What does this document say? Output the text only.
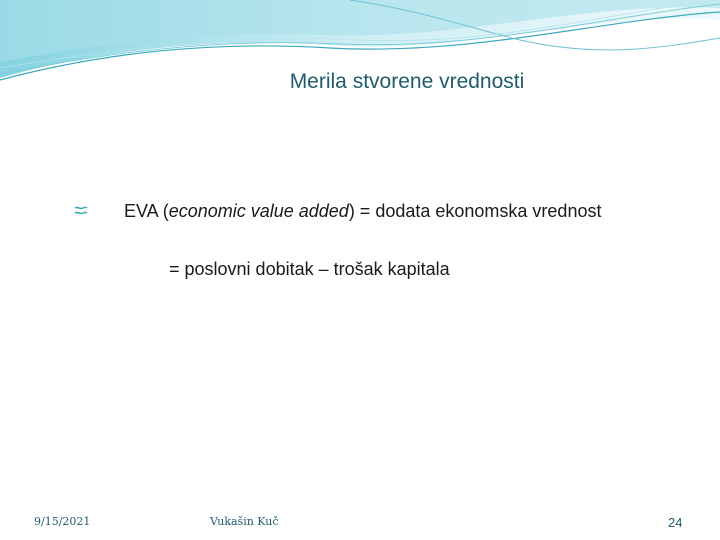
Merila stvorene vrednosti
EVA (economic value added) = dodata ekonomska vrednost
= poslovni dobitak – trošak kapitala
9/15/2021	Vukašin Kuč	24
